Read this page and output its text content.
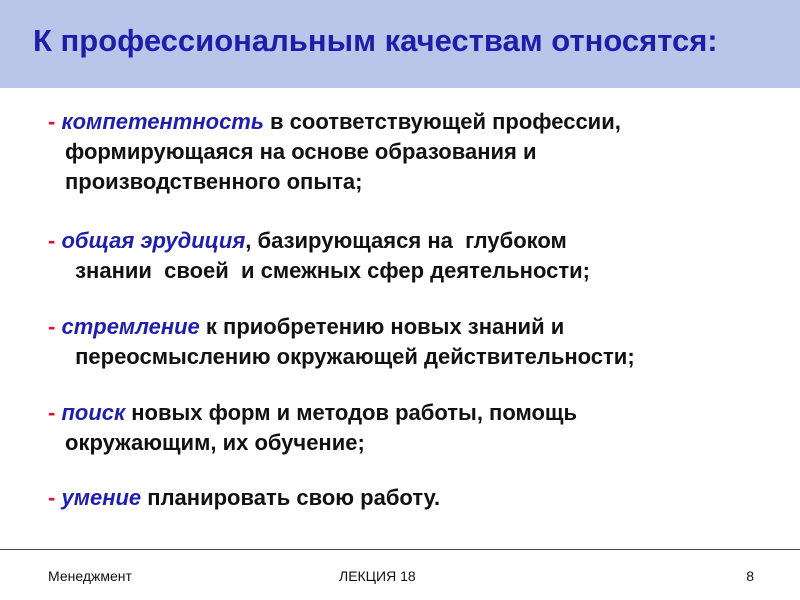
К профессиональным качествам относятся:

- компетентность в соответствующей профессии,
формирующаяся на основе образования и
производственного опыта;

- общая эрудиция, базирующаяся на  глубоком
знании  своей  и смежных сфер деятельности;

- стремление к приобретению новых знаний и
переосмыслению окружающей действительности;

- поиск новых форм и методов работы, помощь
окружающим, их обучение;

- умение планировать свою работу.

Менеджмент	ЛЕКЦИЯ 18	8
